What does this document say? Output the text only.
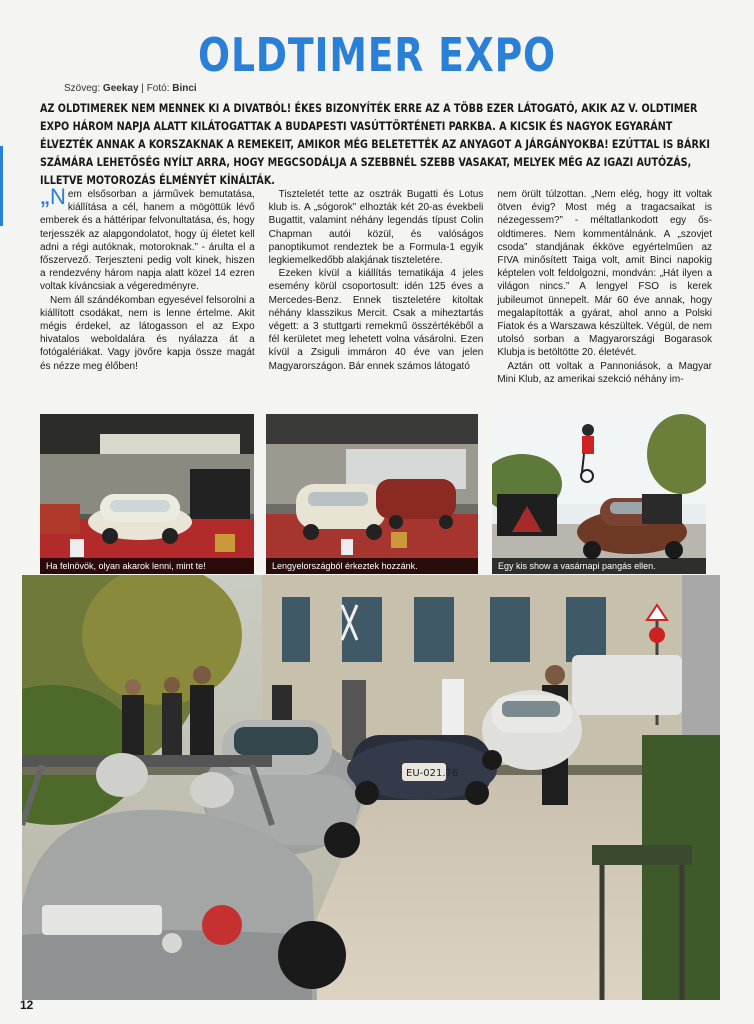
OLDTIMER EXPO
Szöveg: Geekay | Fotó: Binci
AZ OLDTIMEREK NEM MENNEK KI A DIVATBÓL! ÉKES BIZONYÍTÉK ERRE AZ A TÖBB EZER LÁTOGATÓ, AKIK AZ V. OLDTIMER EXPO HÁROM NAPJA ALATT KILÁTOGATTAK A BUDAPESTI VASÚTTÖRTÉNETI PARKBA. A KICSIK ÉS NAGYOK EGYARÁNT ÉLVEZTÉK ANNAK A KORSZAKNAK A REMEKEIT, AMIKOR MÉG BELETETTÉK AZ ANYAGOT A JÁRGÁNYOKBA! EZÚTTAL IS BÁRKI SZÁMÁRA LEHETŐSÉG NYÍLT ARRA, HOGY MEGCSODÁLJA A SZEBBNÉL SZEBB VASAKAT, MELYEK MÉG AZ IGAZI AUTÓZÁS, ILLETVE MOTOROZÁS ÉLMÉNYÉT KÍNÁLTÁK.

„N em elsősorban a járművek bemutatása, kiállítása a cél, hanem a mögöttük lévő emberek és a háttéripar felvonultatása, és, hogy terjesszék az alapgondolatot, hogy új életet kell adni a régi autóknak, motoroknak.” - árulta el a főszervező. Terjeszteni pedig volt kinek, hiszen a rendezvény három napja alatt közel 14 ezren voltak kíváncsiak a végeredményre.

Nem áll szándékomban egyesével felsorolni a kiállított csodákat, nem is lenne értelme. Akit mégis érdekel, az látogasson el az Expo hivatalos weboldalára és nyálazza át a fotógalériákat. Vagy jövőre kapja össze magát és nézze meg élőben!

Tiszteletét tette az osztrák Bugatti és Lotus klub is. A „sógorok” elhozták két 20-as évekbeli Bugattit, valamint néhány legendás típust Colin Chapman autói közül, és valóságos panoptikumot rendeztek be a Formula-1 egyik legkiemelkedőbb alakjának tiszteletére.

Ezeken kívül a kiállítás tematikája 4 jeles esemény körül csoportosult: idén 125 éves a Mercedes-Benz. Ennek tiszteletére kitoltak néhány klasszikus Mercit. Csak a miheztartás végett: a 3 stuttgarti remekmű összértékéből a fél kerületet meg lehetett volna vásárolni. Ezen kívül a Zsiguli immáron 40 éve van jelen Magyarországon. Bár ennek számos látogató

nem örült túlzottan. „Nem elég, hogy itt voltak ötven évig? Most még a tragacsaikat is nézegessem?” - méltatlankodott egy ős-oldtimeres. Nem kommentálnánk. A „szovjet csoda” standjának ékköve egyértelműen az FIVA minősített Taiga volt, amit Binci napokig képtelen volt feldolgozni, mondván: „Hát ilyen a világon nincs.” A lengyel FSO is kerek jubileumot ünnepelt. Már 60 éve annak, hogy megalapították a gyárat, ahol anno a Polski Fiatok és a Warszawa készültek. Végül, de nem utolsó sorban a Magyarországi Bogarasok Klubja is betöltötte 20. életévét.

Aztán ott voltak a Pannoniások, a Magyar Mini Klub, az amerikai szekció néhány im-

Ha felnövök, olyan akarok lenni, mint te!	Lengyelországból érkeztek hozzánk.	Egy kis show a vasárnapi pangás ellen.
EU-021.76
12
